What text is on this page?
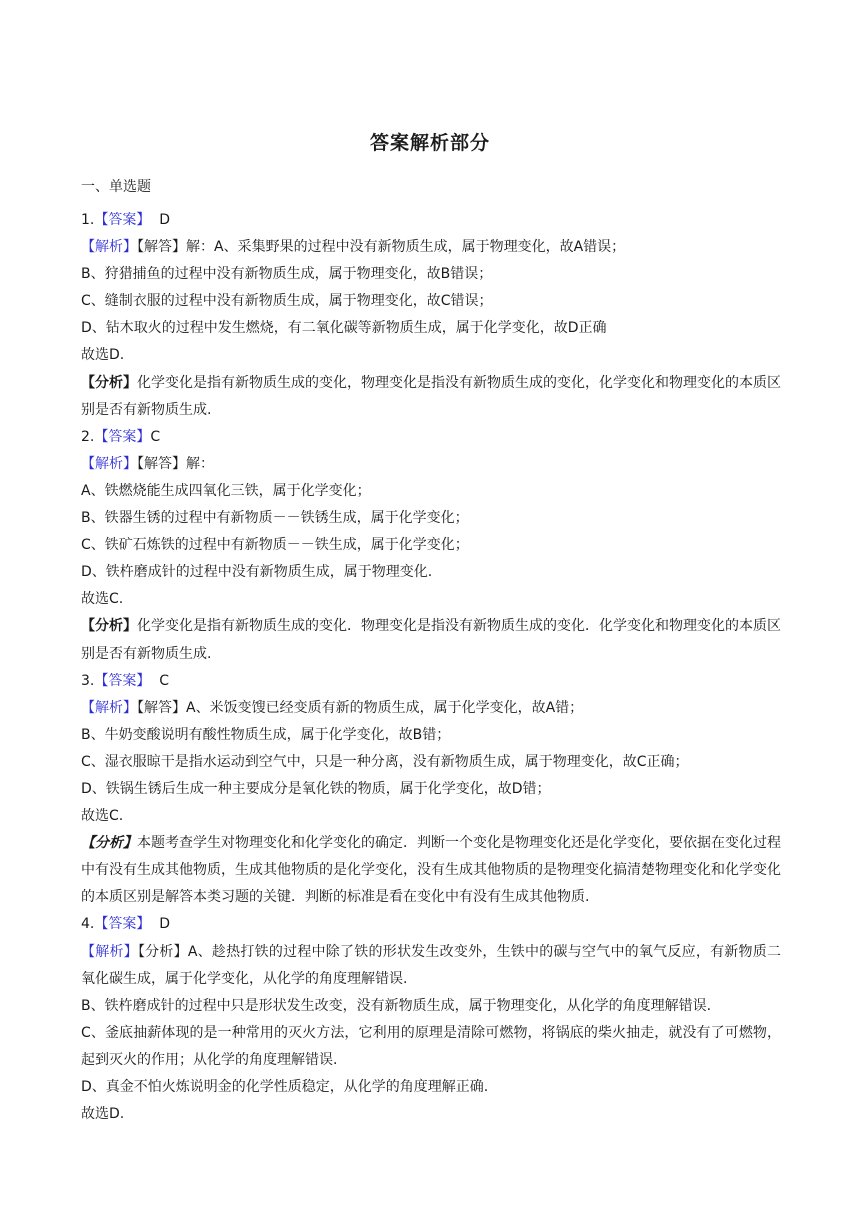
答案解析部分
一、单选题
1.【答案】 D
【解析】【解答】解：A、采集野果的过程中没有新物质生成，属于物理变化，故A错误；
B、狩猎捕鱼的过程中没有新物质生成，属于物理变化，故B错误；
C、缝制衣服的过程中没有新物质生成，属于物理变化，故C错误；
D、钻木取火的过程中发生燃烧，有二氧化碳等新物质生成，属于化学变化，故D正确
故选D.
【分析】化学变化是指有新物质生成的变化，物理变化是指没有新物质生成的变化，化学变化和物理变化的本质区别是否有新物质生成.
2.【答案】C
【解析】【解答】解：
A、铁燃烧能生成四氧化三铁，属于化学变化；
B、铁器生锈的过程中有新物质－－铁锈生成，属于化学变化；
C、铁矿石炼铁的过程中有新物质－－铁生成，属于化学变化；
D、铁杵磨成针的过程中没有新物质生成，属于物理变化.
故选C.
【分析】化学变化是指有新物质生成的变化．物理变化是指没有新物质生成的变化．化学变化和物理变化的本质区别是否有新物质生成.
3.【答案】 C
【解析】【解答】A、米饭变馊已经变质有新的物质生成，属于化学变化，故A错；
B、牛奶变酸说明有酸性物质生成，属于化学变化，故B错；
C、湿衣服晾干是指水运动到空气中，只是一种分离，没有新物质生成，属于物理变化，故C正确；
D、铁锅生锈后生成一种主要成分是氧化铁的物质，属于化学变化，故D错；
故选C.
【分析】本题考查学生对物理变化和化学变化的确定．判断一个变化是物理变化还是化学变化，要依据在变化过程中有没有生成其他物质，生成其他物质的是化学变化，没有生成其他物质的是物理变化搞清楚物理变化和化学变化的本质区别是解答本类习题的关键．判断的标准是看在变化中有没有生成其他物质.
4.【答案】 D
【解析】【分析】A、趁热打铁的过程中除了铁的形状发生改变外，生铁中的碳与空气中的氧气反应，有新物质二氧化碳生成，属于化学变化，从化学的角度理解错误.
B、铁杵磨成针的过程中只是形状发生改变，没有新物质生成，属于物理变化，从化学的角度理解错误.
C、釜底抽薪体现的是一种常用的灭火方法，它利用的原理是清除可燃物，将锅底的柴火抽走，就没有了可燃物，起到灭火的作用；从化学的角度理解错误.
D、真金不怕火炼说明金的化学性质稳定，从化学的角度理解正确.
故选D.
